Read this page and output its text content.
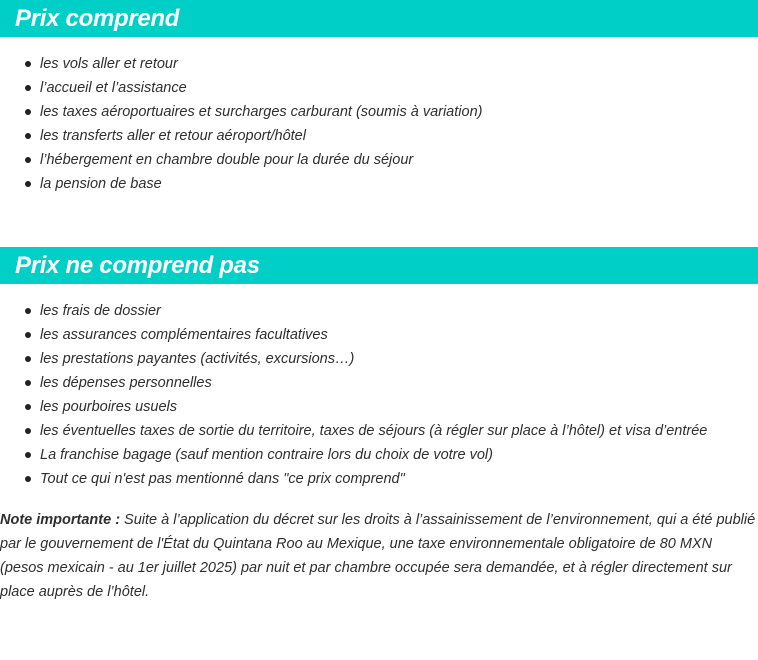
Prix comprend
les vols aller et retour
l’accueil et l’assistance
les taxes aéroportuaires et surcharges carburant (soumis à variation)
les transferts aller et retour aéroport/hôtel
l’hébergement en chambre double pour la durée du séjour
la pension de base
Prix ne comprend pas
les frais de dossier
les assurances complémentaires facultatives
les prestations payantes (activités, excursions…)
les dépenses personnelles
les pourboires usuels
les éventuelles taxes de sortie du territoire, taxes de séjours (à régler sur place à l’hôtel) et visa d’entrée
La franchise bagage (sauf mention contraire lors du choix de votre vol)
Tout ce qui n'est pas mentionné dans "ce prix comprend"

Note importante : Suite à l’application du décret sur les droits à l’assainissement de l’environnement, qui a été publié par le gouvernement de l'État du Quintana Roo au Mexique, une taxe environnementale obligatoire de 80 MXN (pesos mexicain - au 1er juillet 2025) par nuit et par chambre occupée sera demandée, et à régler directement sur place auprès de l’hôtel.
